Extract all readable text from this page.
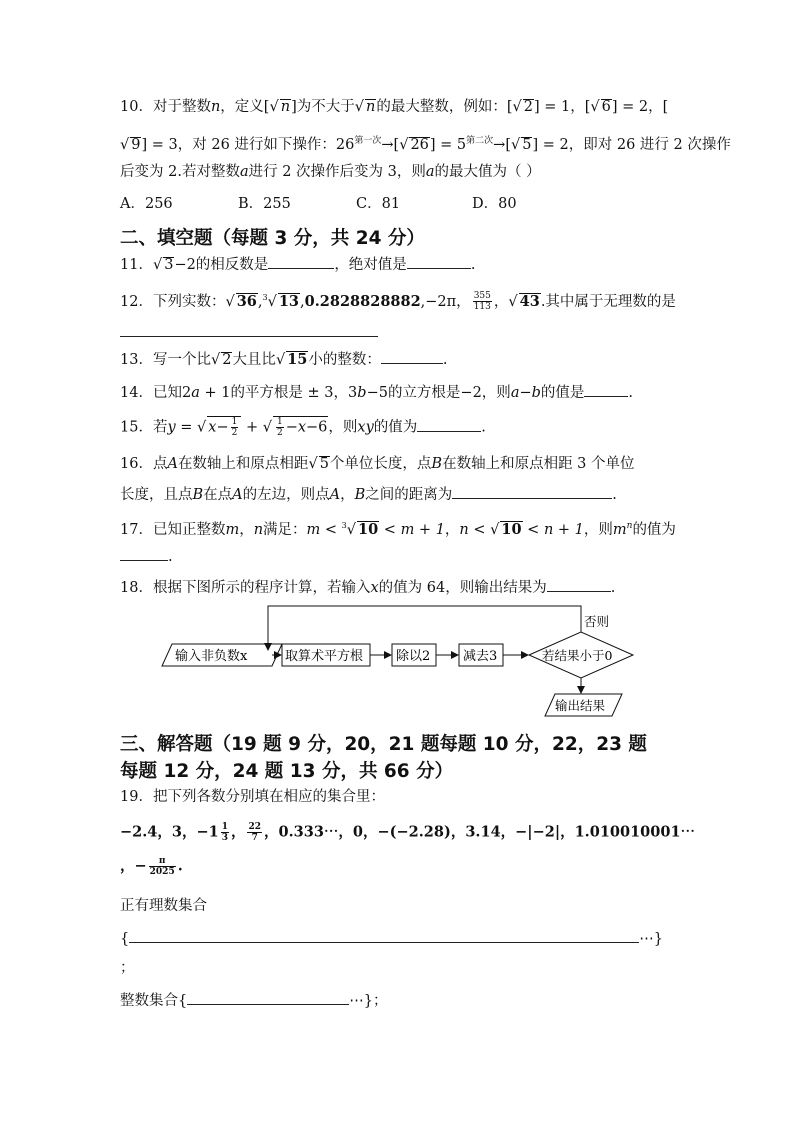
10．对于整数n，定义[√ n]为不大于√ n的最大整数，例如：[√ 2] = 1，[√ 6] = 2，[
√ 9] = 3，对 26 进行如下操作：$26^{第一次}\to[√$ $26] = 5^{第二次}\to[√$ 5] = 2，即对 26 进行 2 次操作
后变为 2.若对整数a进行 2 次操作后变为 3，则a的最大值为（ ）
A．256	B．255	C．81	D．80
二、填空题（每题 3 分，共 24 分）
11．√ 3−2的相反数是	，绝对值是	.
12．下列实数：√ 36,$^3$√ 13,0.2828828882,−2π， $\frac{355}{113}$ ，√ 43.其中属于无理数的是
13．写一个比√ 2大且比√ 15小的整数：	.
14．已知2a + 1的平方根是 ± 3，3b−5的立方根是−2，则a−b的值是	.
15．若y = √ $x- \frac{1}{2}$ + √ $\frac{1}{2} -x-6$，则xy的值为	.
16．点A在数轴上和原点相距√ 5个单位长度，点B在数轴上和原点相距 3 个单位
长度，且点B在点A的左边，则点A，B之间的距离为	.
17．已知正整数m，n满足：m < $^3$√ 10 < m + 1，n < √ 10 < n + 1，则$m^n$的值为
.
18．根据下图所示的程序计算，若输入x的值为 64，则输出结果为	.
输入非负数x	取算术平方根	除以2	减去3	若结果小于0
否则
输出结果
三、解答题（19 题 9 分，20，21 题每题 10 分，22，23 题
每题 12 分，24 题 13 分，共 66 分）
19．把下列各数分别填在相应的集合里：
−2.4，3，$-1 \frac{1}{3}$ ， $\frac{22}{7}$ ，0.333⋯，0，−(−2.28)，3.14，−|−2|，1.010010001⋯
，− $\frac{\pi}{2025}$ .
正有理数集合
{	⋯}
；
整数集合{	⋯}；
